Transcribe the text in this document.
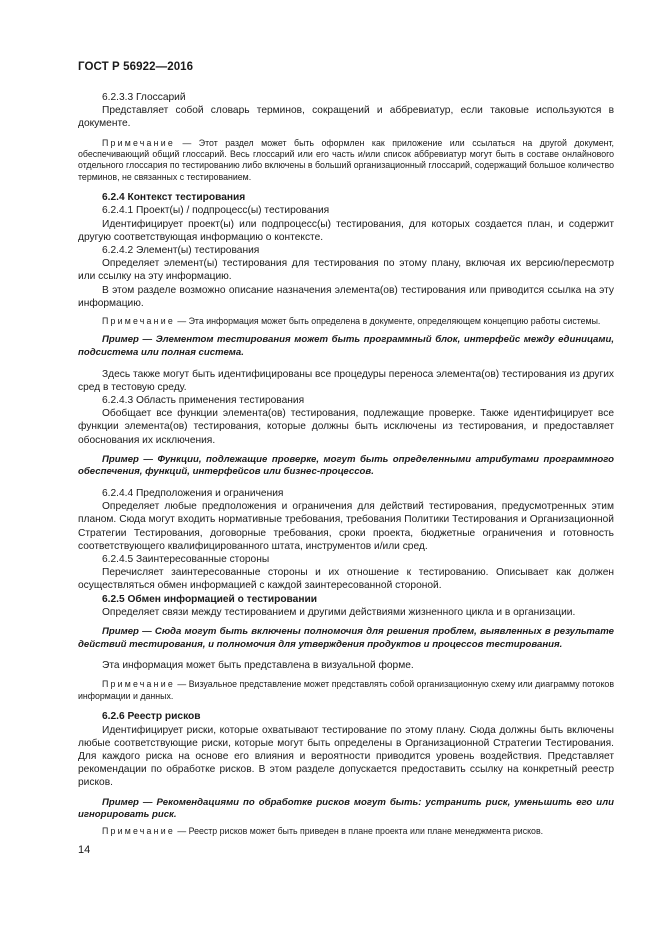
ГОСТ Р 56922—2016

6.2.3.3 Глоссарий

Представляет собой словарь терминов, сокращений и аббревиатур, если таковые используются в документе.

Примечание — Этот раздел может быть оформлен как приложение или ссылаться на другой документ, обеспечивающий общий глоссарий. Весь глоссарий или его часть и/или список аббревиатур могут быть в составе онлайнового отдельного глоссария по тестированию либо включены в больший организационный глоссарий, содержащий большое количество терминов, не связанных с тестированием.

6.2.4 Контекст тестирования

6.2.4.1 Проект(ы) / подпроцесс(ы) тестирования

Идентифицирует проект(ы) или подпроцесс(ы) тестирования, для которых создается план, и содержит другую соответствующая информацию о контексте.

6.2.4.2 Элемент(ы) тестирования

Определяет элемент(ы) тестирования для тестирования по этому плану, включая их версию/пересмотр или ссылку на эту информацию.

В этом разделе возможно описание назначения элемента(ов) тестирования или приводится ссылка на эту информацию.

Примечание — Эта информация может быть определена в документе, определяющем концепцию работы системы.

Пример — Элементом тестирования может быть программный блок, интерфейс между единицами, подсистема или полная система.

Здесь также могут быть идентифицированы все процедуры переноса элемента(ов) тестирования из других сред в тестовую среду.

6.2.4.3 Область применения тестирования

Обобщает все функции элемента(ов) тестирования, подлежащие проверке. Также идентифицирует все функции элемента(ов) тестирования, которые должны быть исключены из тестирования, и предоставляет обоснования их исключения.

Пример — Функции, подлежащие проверке, могут быть определенными атрибутами программного обеспечения, функций, интерфейсов или бизнес-процессов.

6.2.4.4 Предположения и ограничения

Определяет любые предположения и ограничения для действий тестирования, предусмотренных этим планом. Сюда могут входить нормативные требования, требования Политики Тестирования и Организационной Стратегии Тестирования, договорные требования, сроки проекта, бюджетные ограничения и готовность соответствующего квалифицированного штата, инструментов и/или сред.

6.2.4.5 Заинтересованные стороны

Перечисляет заинтересованные стороны и их отношение к тестированию. Описывает как должен осуществляться обмен информацией с каждой заинтересованной стороной.

6.2.5 Обмен информацией о тестировании

Определяет связи между тестированием и другими действиями жизненного цикла и в организации.

Пример — Сюда могут быть включены полномочия для решения проблем, выявленных в результате действий тестирования, и полномочия для утверждения продуктов и процессов тестирования.

Эта информация может быть представлена в визуальной форме.

Примечание — Визуальное представление может представлять собой организационную схему или диаграмму потоков информации и данных.

6.2.6 Реестр рисков

Идентифицирует риски, которые охватывают тестирование по этому плану. Сюда должны быть включены любые соответствующие риски, которые могут быть определены в Организационной Стратегии Тестирования. Для каждого риска на основе его влияния и вероятности приводится уровень воздействия. Представляет рекомендации по обработке рисков. В этом разделе допускается предоставить ссылку на конкретный реестр рисков.

Пример — Рекомендациями по обработке рисков могут быть: устранить риск, уменьшить его или игнорировать риск.

Примечание — Реестр рисков может быть приведен в плане проекта или плане менеджмента рисков.

14
